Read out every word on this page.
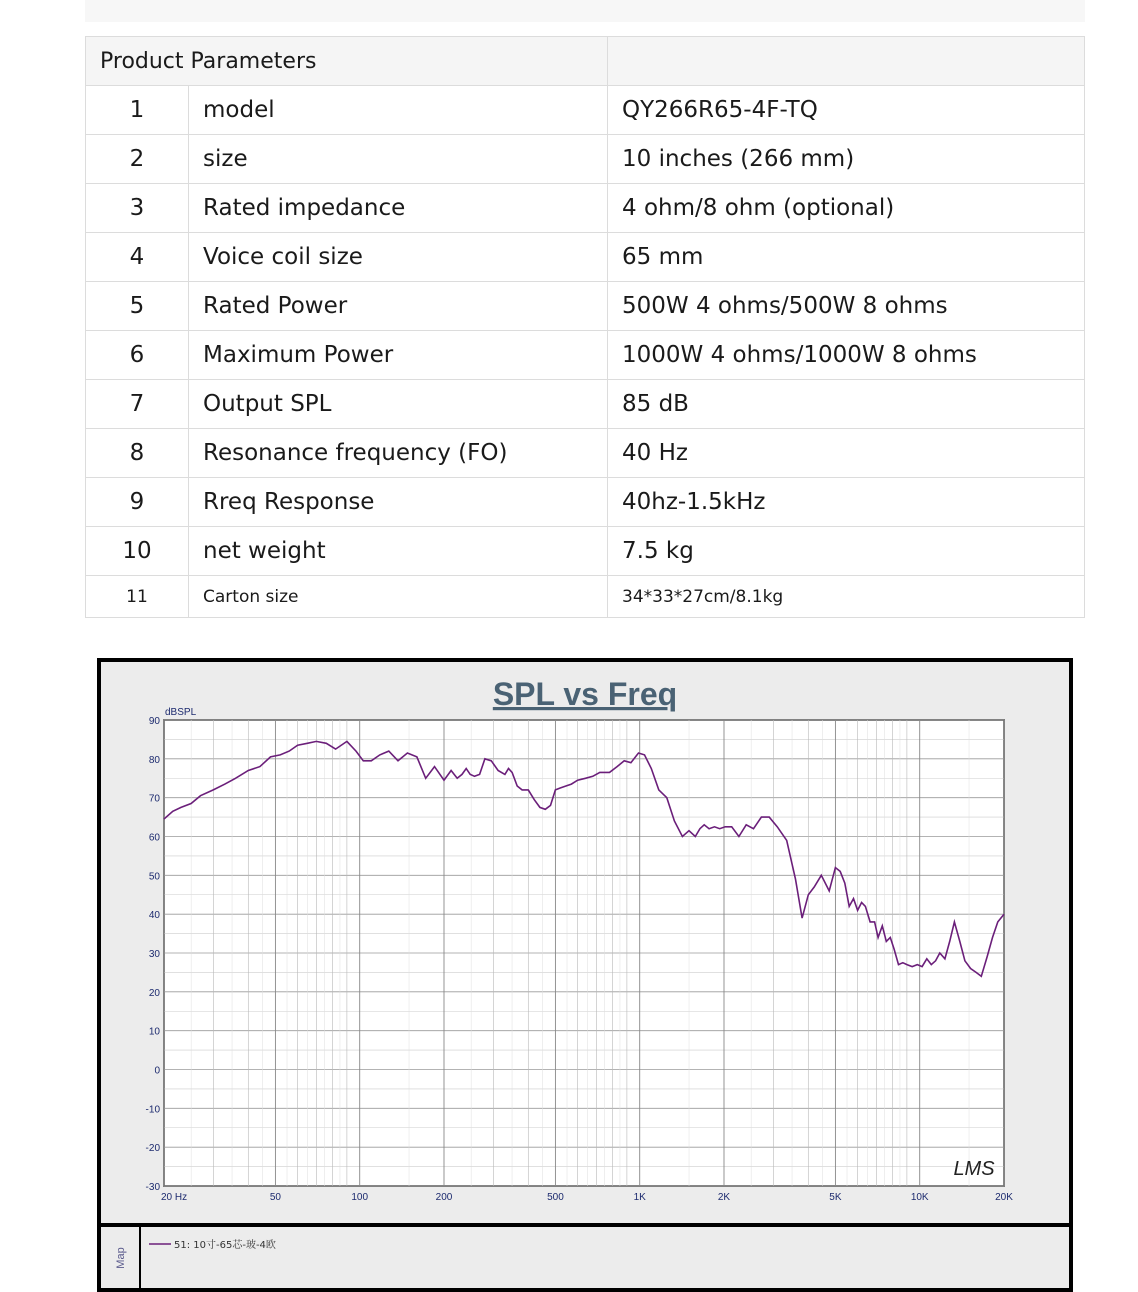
Product Parameters		
1	model	QY266R65-4F-TQ
2	size	10 inches (266 mm)
3	Rated impedance	4 ohm/8 ohm (optional)
4	Voice coil size	65 mm
5	Rated Power	500W 4 ohms/500W 8 ohms
6	Maximum Power	1000W 4 ohms/1000W 8 ohms
7	Output SPL	85 dB
8	Resonance frequency (FO)	40 Hz
9	Rreq Response	40hz-1.5kHz
10	net weight	7.5 kg
11	Carton size	34*33*27cm/8.1kg
Map
SPL vs Freq
dBSPL
90
80
70
60
50
40
30
20
10
0
-10
-20
-30
20 Hz	50	100	200	500	1K	2K	5K	10K	20K
LMS
51: 10寸-65芯-玻-4欧
